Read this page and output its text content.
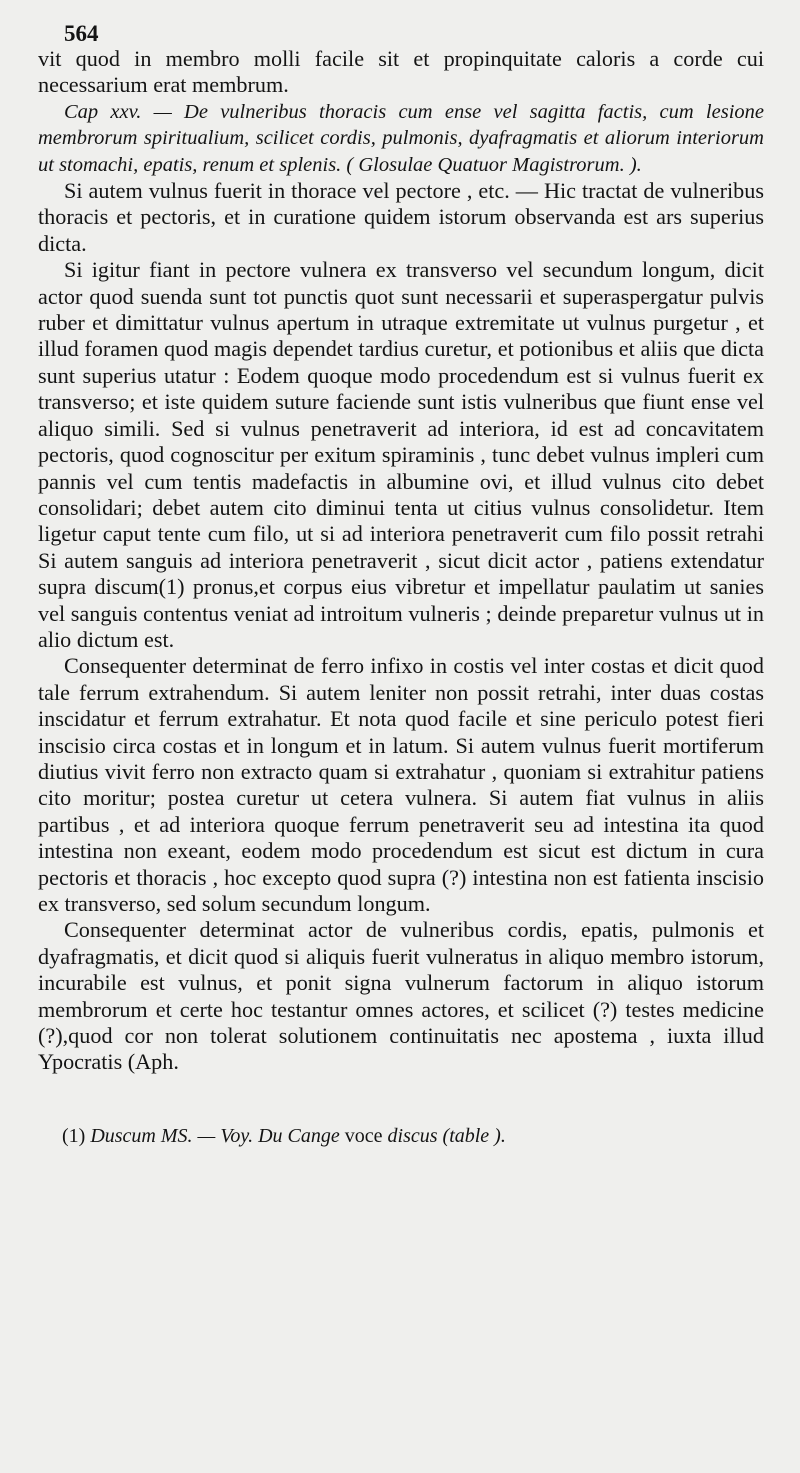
564

vit quod in membro molli facile sit et propinquitate caloris a corde cui necessarium erat membrum.

Cap xxv. — De vulneribus thoracis cum ense vel sagitta factis, cum lesione membrorum spiritualium, scilicet cordis, pulmonis, dyafragmatis et aliorum interiorum ut stomachi, epatis, renum et splenis. ( Glosulae Quatuor Magistrorum. ).

Si autem vulnus fuerit in thorace vel pectore , etc. — Hic tractat de vulneribus thoracis et pectoris, et in curatione quidem istorum observanda est ars superius dicta.

Si igitur fiant in pectore vulnera ex transverso vel secundum longum, dicit actor quod suenda sunt tot punctis quot sunt necessarii et superaspergatur pulvis ruber et dimittatur vulnus apertum in utraque extremitate ut vulnus purgetur , et illud foramen quod magis dependet tardius curetur, et potionibus et aliis que dicta sunt superius utatur : Eodem quoque modo procedendum est si vulnus fuerit ex transverso; et iste quidem suture faciende sunt istis vulneribus que fiunt ense vel aliquo simili. Sed si vulnus penetraverit ad interiora, id est ad concavitatem pectoris, quod cognoscitur per exitum spiraminis , tunc debet vulnus impleri cum pannis vel cum tentis madefactis in albumine ovi, et illud vulnus cito debet consolidari; debet autem cito diminui tenta ut citius vulnus consolidetur. Item ligetur caput tente cum filo, ut si ad interiora penetraverit cum filo possit retrahi Si autem sanguis ad interiora penetraverit , sicut dicit actor , patiens extendatur supra discum(1) pronus,et corpus eius vibretur et impellatur paulatim ut sanies vel sanguis contentus veniat ad introitum vulneris ; deinde preparetur vulnus ut in alio dictum est.

Consequenter determinat de ferro infixo in costis vel inter costas et dicit quod tale ferrum extrahendum. Si autem leniter non possit retrahi, inter duas costas inscidatur et ferrum extrahatur. Et nota quod facile et sine periculo potest fieri inscisio circa costas et in longum et in latum. Si autem vulnus fuerit mortiferum diutius vivit ferro non extracto quam si extrahatur , quoniam si extrahitur patiens cito moritur; postea curetur ut cetera vulnera. Si autem fiat vulnus in aliis partibus , et ad interiora quoque ferrum penetraverit seu ad intestina ita quod intestina non exeant, eodem modo procedendum est sicut est dictum in cura pectoris et thoracis , hoc excepto quod supra (?) intestina non est fatienta inscisio ex transverso, sed solum secundum longum.

Consequenter determinat actor de vulneribus cordis, epatis, pulmonis et dyafragmatis, et dicit quod si aliquis fuerit vulneratus in aliquo membro istorum, incurabile est vulnus, et ponit signa vulnerum factorum in aliquo istorum membrorum et certe hoc testantur omnes actores, et scilicet (?) testes medicine (?),quod cor non tolerat solutionem continuitatis nec apostema , iuxta illud Ypocratis (Aph.

(1) Duscum MS. — Voy. Du Cange voce discus (table ).
